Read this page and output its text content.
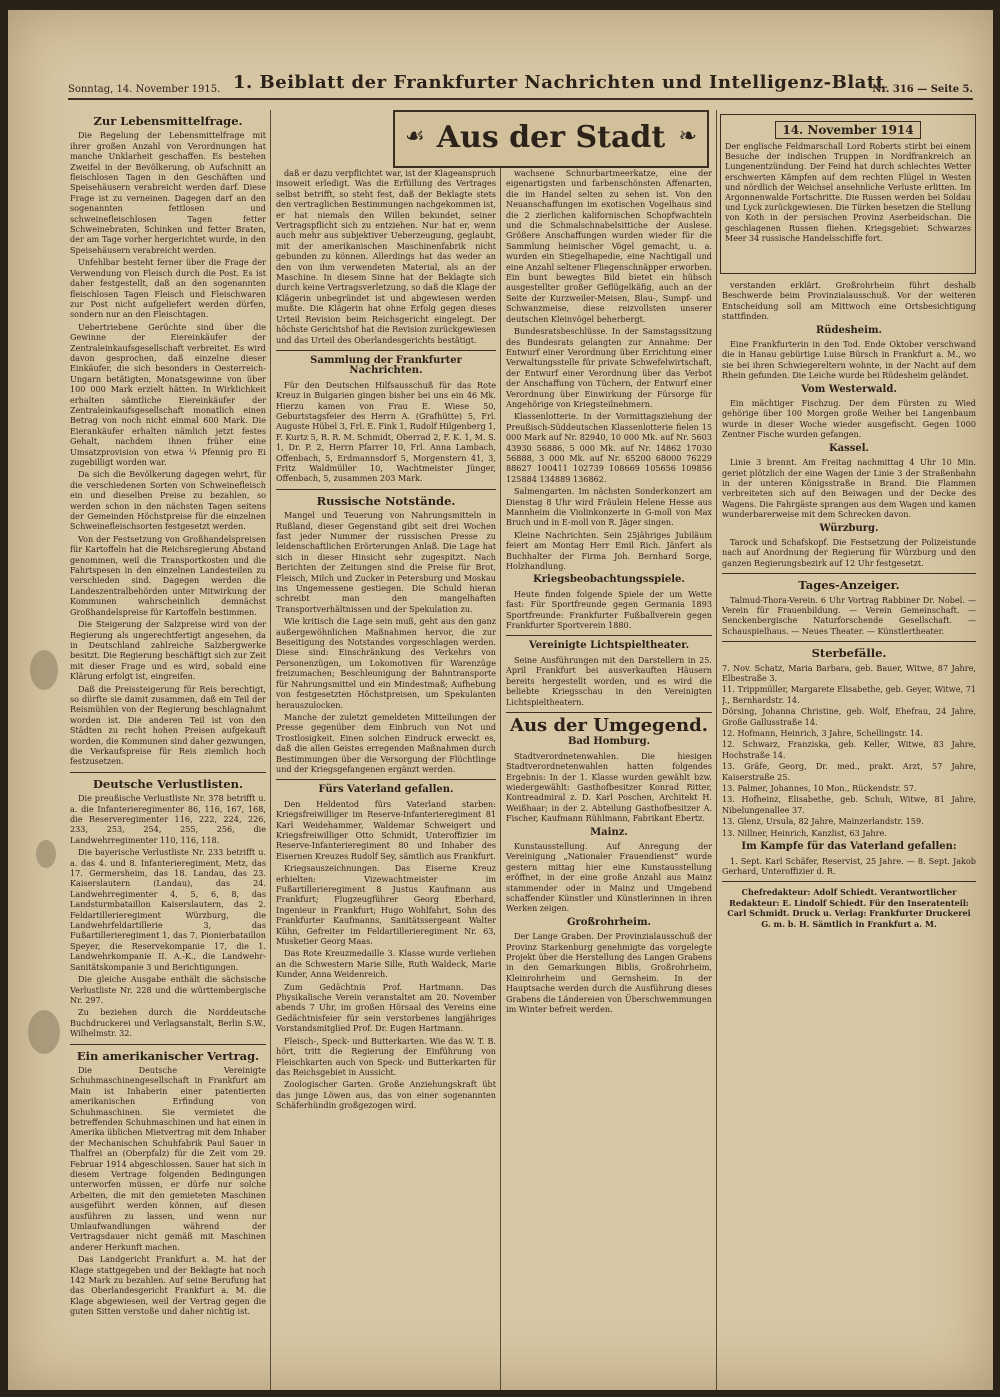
Sonntag, 14. November 1915. 1. Beiblatt der Frankfurter Nachrichten und Intelligenz-Blatt
Nr. 316 — Seite 5.
☙ Aus der Stadt ❧
Zur Lebensmittelfrage.

Die Regelung der Lebensmittelfrage mit ihrer großen Anzahl von Verordnungen hat manche Unklarheit geschaffen. Es bestehen Zweifel in der Bevölkerung, ob Aufschnitt an fleischlosen Tagen in den Geschäften und Speisehäusern verabreicht werden darf. Diese Frage ist zu verneinen. Dagegen darf an den sogenannten fettlosen und schweinefleischlosen Tagen fetter Schweinebraten, Schinken und fetter Braten, der am Tage vorher hergerichtet wurde, in den Speisehäusern verabreicht werden.

Unfehlbar besteht ferner über die Frage der Verwendung von Fleisch durch die Post. Es ist daher festgestellt, daß an den sogenannten fleischlosen Tagen Fleisch und Fleischwaren zur Post nicht aufgeliefert werden dürfen, sondern nur an den Fleischtagen.

Uebertriebene Gerüchte sind über die Gewinne der Eiereinkäufer der Zentraleinkaufsgesellschaft verbreitet. Es wird davon gesprochen, daß einzelne dieser Einkäufer, die sich besonders in Oesterreich-Ungarn betätigten, Monatsgewinne von über 100 000 Mark erzielt hätten. In Wirklichkeit erhalten sämtliche Eiereinkäufer der Zentraleinkaufsgesellschaft monatlich einen Betrag von noch nicht einmal 600 Mark. Die Eierankäufer erhalten nämlich jetzt festes Gehalt, nachdem ihnen früher eine Umsatzprovision von etwa ¼ Pfennig pro Ei zugebilligt worden war.

Da sich die Bevölkerung dagegen wehrt, für die verschiedenen Sorten von Schweinefleisch ein und dieselben Preise zu bezahlen, so werden schon in den nächsten Tagen seitens der Gemeinden Höchstpreise für die einzelnen Schweinefleischsorten festgesetzt werden.

Von der Festsetzung von Großhandelspreisen für Kartoffeln hat die Reichsregierung Abstand genommen, weil die Transportkosten und die Fahrtspesen in den einzelnen Landesteilen zu verschieden sind. Dagegen werden die Landeszentralbehörden unter Mitwirkung der Kommunen wahrscheinlich demnächst Großhandelspreise für Kartoffeln bestimmen.

Die Steigerung der Salzpreise wird von der Regierung als ungerechtfertigt angesehen, da in Deutschland zahlreiche Salzbergwerke besitzt. Die Regierung beschäftigt sich zur Zeit mit dieser Frage und es wird, sobald eine Klärung erfolgt ist, eingreifen.

Daß die Preissteigerung für Reis berechtigt, so dürfte sie damit zusammen, daß ein Teil der Reismühlen von der Regierung beschlagnahmt worden ist. Die anderen Teil ist von den Städten zu recht hohen Preisen aufgekauft worden, die Kommunen sind daher gezwungen, die Verkaufspreise für Reis ziemlich hoch festzusetzen.

Deutsche Verlustlisten.

Die preußische Verlustliste Nr. 378 betrifft u. a. die Infanterieregimenter 86, 116, 167, 168, die Reserveregimenter 116, 222, 224, 226, 233, 253, 254, 255, 256, die Landwehrregimenter 110, 116, 118.

Die bayerische Verlustliste Nr. 233 betrifft u. a. das 4. und 8. Infanterieregiment, Metz, das 17. Germersheim, das 18. Landau, das 23. Kaiserslautern (Landau), das 24. Landwehrregimenter 4, 5, 6, 8, das Landsturmbataillon Kaiserslautern, das 2. Feldartillerieregiment Würzburg, die Landwehrfeldartillerie 3, das Fußartillerieregiment 1, das 7. Pionierbataillon Speyer, die Reservekompanie 17, die 1. Landwehrkompanie II. A.-K., die Landwehr-Sanitätskompanie 3 und Berichtigungen.

Die gleiche Ausgabe enthält die sächsische Verlustliste Nr. 228 und die württembergische Nr. 297.

Zu beziehen durch die Norddeutsche Buchdruckerei und Verlagsanstalt, Berlin S.W., Wilhelmstr. 32.

Ein amerikanischer Vertrag.

Die Deutsche Vereinigte Schuhmaschinengesellschaft in Frankfurt am Main ist Inhaberin einer patentierten amerikanischen Erfindung von Schuhmaschinen. Sie vermietet die betreffenden Schuhmaschinen und hat einen in Amerika üblichen Mietvertrag mit dem Inhaber der Mechanischen Schuhfabrik Paul Sauer in Thalfrei an (Oberpfalz) für die Zeit vom 29. Februar 1914 abgeschlossen. Sauer hat sich in diesem Vertrage folgenden Bedingungen unterworfen müssen, er dürfe nur solche Arbeiten, die mit den gemieteten Maschinen ausgeführt werden können, auf diesen ausführen zu lassen, und wenn nur Umlaufwandlungen während der Vertragsdauer nicht gemäß mit Maschinen anderer Herkunft machen.

Das Landgericht Frankfurt a. M. hat der Klage stattgegeben und der Beklagte hat noch 142 Mark zu bezahlen. Auf seine Berufung hat das Oberlandesgericht Frankfurt a. M. die Klage abgewiesen, weil der Vertrag gegen die guten Sitten verstoße und daher nichtig ist.

daß er dazu verpflichtet war, ist der Klageanspruch insoweit erledigt. Was die Erfüllung des Vertrages selbst betrifft, so steht fest, daß der Beklagte stets den vertraglichen Bestimmungen nachgekommen ist, er hat niemals den Willen bekundet, seiner Vertragspflicht sich zu entziehen. Nur hat er, wenn auch mehr aus subjektiver Ueberzeugung, geglaubt, mit der amerikanischen Maschinenfabrik nicht gebunden zu können. Allerdings hat das weder an den von ihm verwendeten Material, als an der Maschine. In diesem Sinne hat der Beklagte sich durch keine Vertragsverletzung, so daß die Klage der Klägerin unbegründet ist und abgewiesen werden mußte. Die Klägerin hat ohne Erfolg gegen dieses Urteil Revision beim Reichsgericht eingelegt. Der höchste Gerichtshof hat die Revision zurückgewiesen und das Urteil des Oberlandesgerichts bestätigt.

Sammlung der Frankfurter Nachrichten.

Für den Deutschen Hilfsausschuß für das Rote Kreuz in Bulgarien gingen bisher bei uns ein 46 Mk. Hierzu kamen von Frau E. Wiese 50, Geburtstagsfeier des Herrn A. (Grafhütte) 5, Frl. Auguste Hübel 3, Frl. E. Fink 1, Rudolf Hilgenberg 1, F. Kurtz 5, R. R. M. Schmidt, Oberrad 2, F. K. 1, M. S. 1, Dr. P. 2, Herrn Pfarrer 10, Frl. Anna Lambach, Offenbach, 5, Erdmannsdorf 5, Morgenstern 41, 3, Fritz Waldmüller 10, Wachtmeister Jünger, Offenbach, 5, zusammen 203 Mark.

Russische Notstände.

Mangel und Teuerung von Nahrungsmitteln in Rußland, dieser Gegenstand gibt seit drei Wochen fast jeder Nummer der russischen Presse zu leidenschaftlichen Erörterungen Anlaß. Die Lage hat sich in dieser Hinsicht sehr zugespitzt. Nach Berichten der Zeitungen sind die Preise für Brot, Fleisch, Milch und Zucker in Petersburg und Moskau ins Ungemessene gestiegen. Die Schuld hieran schreibt man den mangelhaften Transportverhältnissen und der Spekulation zu.

Wie kritisch die Lage sein muß, geht aus den ganz außergewöhnlichen Maßnahmen hervor, die zur Beseitigung des Notstandes vorgeschlagen werden. Diese sind: Einschränkung des Verkehrs von Personenzügen, um Lokomotiven für Warenzüge freizumachen; Beschleunigung der Bahntransporte für Nahrungsmittel und ein Mindestmaß; Aufhebung von festgesetzten Höchstpreisen, um Spekulanten herauszulocken.

Manche der zuletzt gemeldeten Mitteilungen der Presse gegenüber dem Einbruch von Not und Trostlosigkeit. Einen solchen Eindruck erweckt es, daß die allen Geistes erregenden Maßnahmen durch Bestimmungen über die Versorgung der Flüchtlinge und der Kriegsgefangenen ergänzt werden.

Fürs Vaterland gefallen.

Den Heldentod fürs Vaterland starben: Kriegsfreiwilliger im Reserve-Infanterieregiment 81 Karl Weidehammer, Waldemar Schweigert und Kriegsfreiwilliger Otto Schmidt, Unteroffizier im Reserve-Infanterieregiment 80 und Inhaber des Eisernen Kreuzes Rudolf Sey, sämtlich aus Frankfurt.

Kriegsauszeichnungen. Das Eiserne Kreuz erhielten: Vizewachtmeister im Fußartillerieregiment 8 Justus Kaufmann aus Frankfurt; Flugzeugführer Georg Eberhard, Ingenieur in Frankfurt; Hugo Wohlfahrt, Sohn des Frankfurter Kaufmanns, Sanitätssergeant Walter Kühn, Gefreiter im Feldartillerieregiment Nr. 63, Musketier Georg Maas.

Das Rote Kreuzmedaille 3. Klasse wurde verliehen an die Schwestern Marie Sille, Ruth Waldeck, Marie Kunder, Anna Weidenreich.

Zum Gedächtnis Prof. Hartmann. Das Physikalische Verein veranstaltet am 20. November abends 7 Uhr, im großen Hörsaal des Vereins eine Gedächtnisfeier für sein verstorbenes langjähriges Vorstandsmitglied Prof. Dr. Eugen Hartmann.

Fleisch-, Speck- und Butterkarten. Wie das W. T. B. hört, tritt die Regierung der Einführung von Fleischkarten auch von Speck- und Butterkarten für das Reichsgebiet in Aussicht.

Zoologischer Garten. Große Anziehungskraft übt das junge Löwen aus, das von einer sogenannten Schäferhündin großgezogen wird.

wachsene Schnurbartmeerkatze, eine der eigenartigsten und farbenschönsten Affenarten, die im Handel selten zu sehen ist. Von den Neuanschaffungen im exotischen Vogelhaus sind die 2 zierlichen kalifornischen Schopfwachteln und die Schmalschnabelsittiche der Auslese. Größere Anschaffungen wurden wieder für die Sammlung heimischer Vögel gemacht, u. a. wurden ein Stiegelhapedie, eine Nachtigall und eine Anzahl seltener Fliegenschnäpper erworben. Ein bunt bewegtes Bild bietet ein hübsch ausgestellter großer Geflügelkäfig, auch an der Seite der Kurzweiler-Meisen, Blau-, Sumpf- und Schwanzmeise, diese reizvollsten unserer deutschen Kleinvögel beherbergt.

Bundesratsbeschlüsse. In der Samstagssitzung des Bundesrats gelangten zur Annahme: Der Entwurf einer Verordnung über Errichtung einer Verwaltungsstelle für private Schwefelwirtschaft, der Entwurf einer Verordnung über das Verbot der Anschaffung von Tüchern, der Entwurf einer Verordnung über Einwirkung der Fürsorge für Angehörige von Kriegsteilnehmern.

Klassenlotterie. In der Vormittagsziehung der Preußisch-Süddeutschen Klassenlotterie fielen 15 000 Mark auf Nr. 82940, 10 000 Mk. auf Nr. 5603 43930 56886, 5 000 Mk. auf Nr. 14862 17030 56888, 3 000 Mk. auf Nr. 65200 68000 76229 88627 100411 102739 108669 105656 109856 125884 134889 136862.

Salmengarten. Im nächsten Sonderkonzert am Dienstag 8 Uhr wird Fräulein Helene Hesse aus Mannheim die Violinkonzerte in G-moll von Max Bruch und in E-moll von R. Jäger singen.

Kleine Nachrichten. Sein 25jähriges Jubiläum feiert am Montag Herr Emil Rich. Jänfert als Buchhalter der Firma Joh. Bernhard Sorge, Holzhandlung.

Kriegsbeobachtungsspiele.

Heute finden folgende Spiele der um Wette fast: Für Sportfreunde gegen Germania 1893 Sportfreunde: Frankfurter Fußballverein gegen Frankfurter Sportverein 1880.

Vereinigte Lichtspieltheater.

Seine Ausführungen mit den Darstellern in 25. April Frankfurt bei ausverkauften Häusern bereits hergestellt worden, und es wird die beliebte Kriegsschau in den Vereinigten Lichtspieltheatern.

Aus der Umgegend.
Bad Homburg.

Stadtverordnetenwahlen. Die hiesigen Stadtverordnetenwahlen hatten folgendes Ergebnis: In der 1. Klasse wurden gewählt bzw. wiedergewählt: Gasthofbesitzer Konrad Ritter, Kontreadmiral z. D. Karl Poschen, Architekt H. Weißhaar; in der 2. Abteilung Gasthofbesitzer A. Fischer, Kaufmann Rühlmann, Fabrikant Ebertz.

Mainz.

Kunstausstellung. Auf Anregung der Vereinigung „Nationaler Frauendienst“ wurde gestern mittag hier eine Kunstausstellung eröffnet, in der eine große Anzahl aus Mainz stammender oder in Mainz und Umgebend schaffender Künstler und Künstlerinnen in ihren Werken zeigen.

Großrohrheim.

Der Lange Graben. Der Provinzialausschuß der Provinz Starkenburg genehmigte das vorgelegte Projekt über die Herstellung des Langen Grabens in den Gemarkungen Biblis, Großrohrheim, Kleinrohrheim und Gernsheim. In der Hauptsache werden durch die Ausführung dieses Grabens die Ländereien von Überschwemmungen im Winter befreit werden.

14. November 1914
Der englische Feldmarschall Lord Roberts stirbt bei einem Besuche der indischen Truppen in Nordfrankreich an Lungenentzündung. Der Feind hat durch schlechtes Wetter erschwerten Kämpfen auf dem rechten Flügel in Westen und nördlich der Weichsel ansehnliche Verluste erlitten. Im Argonnenwalde Fortschritte. Die Russen werden bei Soldau und Lyck zurückgewiesen. Die Türken besetzen die Stellung von Koth in der persischen Provinz Aserbeidschan. Die geschlagenen Russen fliehen. Kriegsgebiet: Schwarzes Meer 34 russische Handelsschiffe fort.

verstanden erklärt. Großrohrheim führt deshalb Beschwerde beim Provinzialausschuß. Vor der weiteren Entscheidung soll am Mittwoch eine Ortsbesichtigung stattfinden.

Rüdesheim.

Eine Frankfurterin in den Tod. Ende Oktober verschwand die in Hanau gebürtige Luise Bürsch in Frankfurt a. M., wo sie bei ihren Schwiegereltern wohnte, in der Nacht auf dem Rhein gefunden. Die Leiche wurde bei Rüdesheim geländet.

Vom Westerwald.

Ein mächtiger Fischzug. Der dem Fürsten zu Wied gehörige über 100 Morgen große Weiher bei Langenbaum wurde in dieser Woche wieder ausgefischt. Gegen 1000 Zentner Fische wurden gefangen.

Kassel.

Linie 3 brennt. Am Freitag nachmittag 4 Uhr 10 Min. geriet plötzlich der eine Wagen der Linie 3 der Straßenbahn in der unteren Königsstraße in Brand. Die Flammen verbreiteten sich auf den Beiwagen und der Decke des Wagens. Die Fahrgäste sprangen aus dem Wagen und kamen wunderbarerweise mit dem Schrecken davon.

Würzburg.

Tarock und Schafskopf. Die Festsetzung der Polizeistunde nach auf Anordnung der Regierung für Würzburg und den ganzen Regierungsbezirk auf 12 Uhr festgesetzt.

Tages-Anzeiger.

Talmud-Thora-Verein. 6 Uhr Vortrag Rabbiner Dr. Nobel. — Verein für Frauenbildung. — Verein Gemeinschaft. — Senckenbergische Naturforschende Gesellschaft. — Schauspielhaus. — Neues Theater. — Künstlertheater.

Sterbefälle.

7. Nov. Schatz, Maria Barbara, geb. Bauer, Witwe, 87 Jahre, Elbestraße 3.

11. Trippmüller, Margarete Elisabethe, geb. Geyer, Witwe, 71 J., Bernhardstr. 14.

Dörsing, Johanna Christine, geb. Wolf, Ehefrau, 24 Jahre, Große Gallusstraße 14.

12. Hofmann, Heinrich, 3 Jahre, Schellingstr. 14.

12. Schwarz, Franziska, geb. Keller, Witwe, 83 Jahre, Hochstraße 14.

13. Gräfe, Georg, Dr. med., prakt. Arzt, 57 Jahre, Kaiserstraße 25.

13. Palmer, Johannes, 10 Mon., Rückendstr. 57.

13. Hofheinz, Elisabethe, geb. Schuh, Witwe, 81 Jahre, Nibelungenallee 37.

13. Glenz, Ursula, 82 Jahre, Mainzerlandstr. 159.

13. Nillner, Heinrich, Kanzlist, 63 Jahre.

Im Kampfe für das Vaterland gefallen:

1. Sept. Karl Schäfer, Reservist, 25 Jahre. — 8. Sept. Jakob Gerhard, Unteroffizier d. R.

Chefredakteur: Adolf Schiedt. Verantwortlicher Redakteur: E. Lindolf Schiedt. Für den Inseratenteil: Carl Schmidt. Druck u. Verlag: Frankfurter Druckerei G. m. b. H. Sämtlich in Frankfurt a. M.
